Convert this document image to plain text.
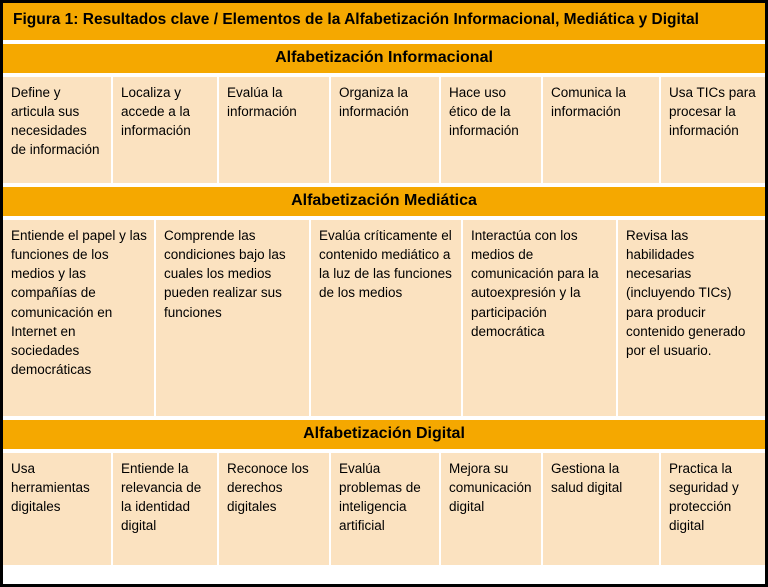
Figura 1: Resultados clave / Elementos de la Alfabetización Informacional, Mediática y Digital
Alfabetización Informacional
Define y articula sus necesidades de información
Localiza y accede a la información
Evalúa la información
Organiza la información
Hace uso ético de la información
Comunica la información
Usa TICs para procesar la información
Alfabetización Mediática
Entiende el papel y las funciones de los medios y las compañías de comunicación en Internet en sociedades democráticas
Comprende las condiciones bajo las cuales los medios pueden realizar sus funciones
Evalúa críticamente el contenido mediático a la luz de las funciones de los medios
Interactúa con los medios de comunicación para la autoexpresión y la participación democrática
Revisa las habilidades necesarias (incluyendo TICs) para producir contenido generado por el usuario.
Alfabetización Digital
Usa herramientas digitales
Entiende la relevancia de la identidad digital
Reconoce los derechos digitales
Evalúa problemas de inteligencia artificial
Mejora su comunicación digital
Gestiona la salud digital
Practica la seguridad y protección digital
